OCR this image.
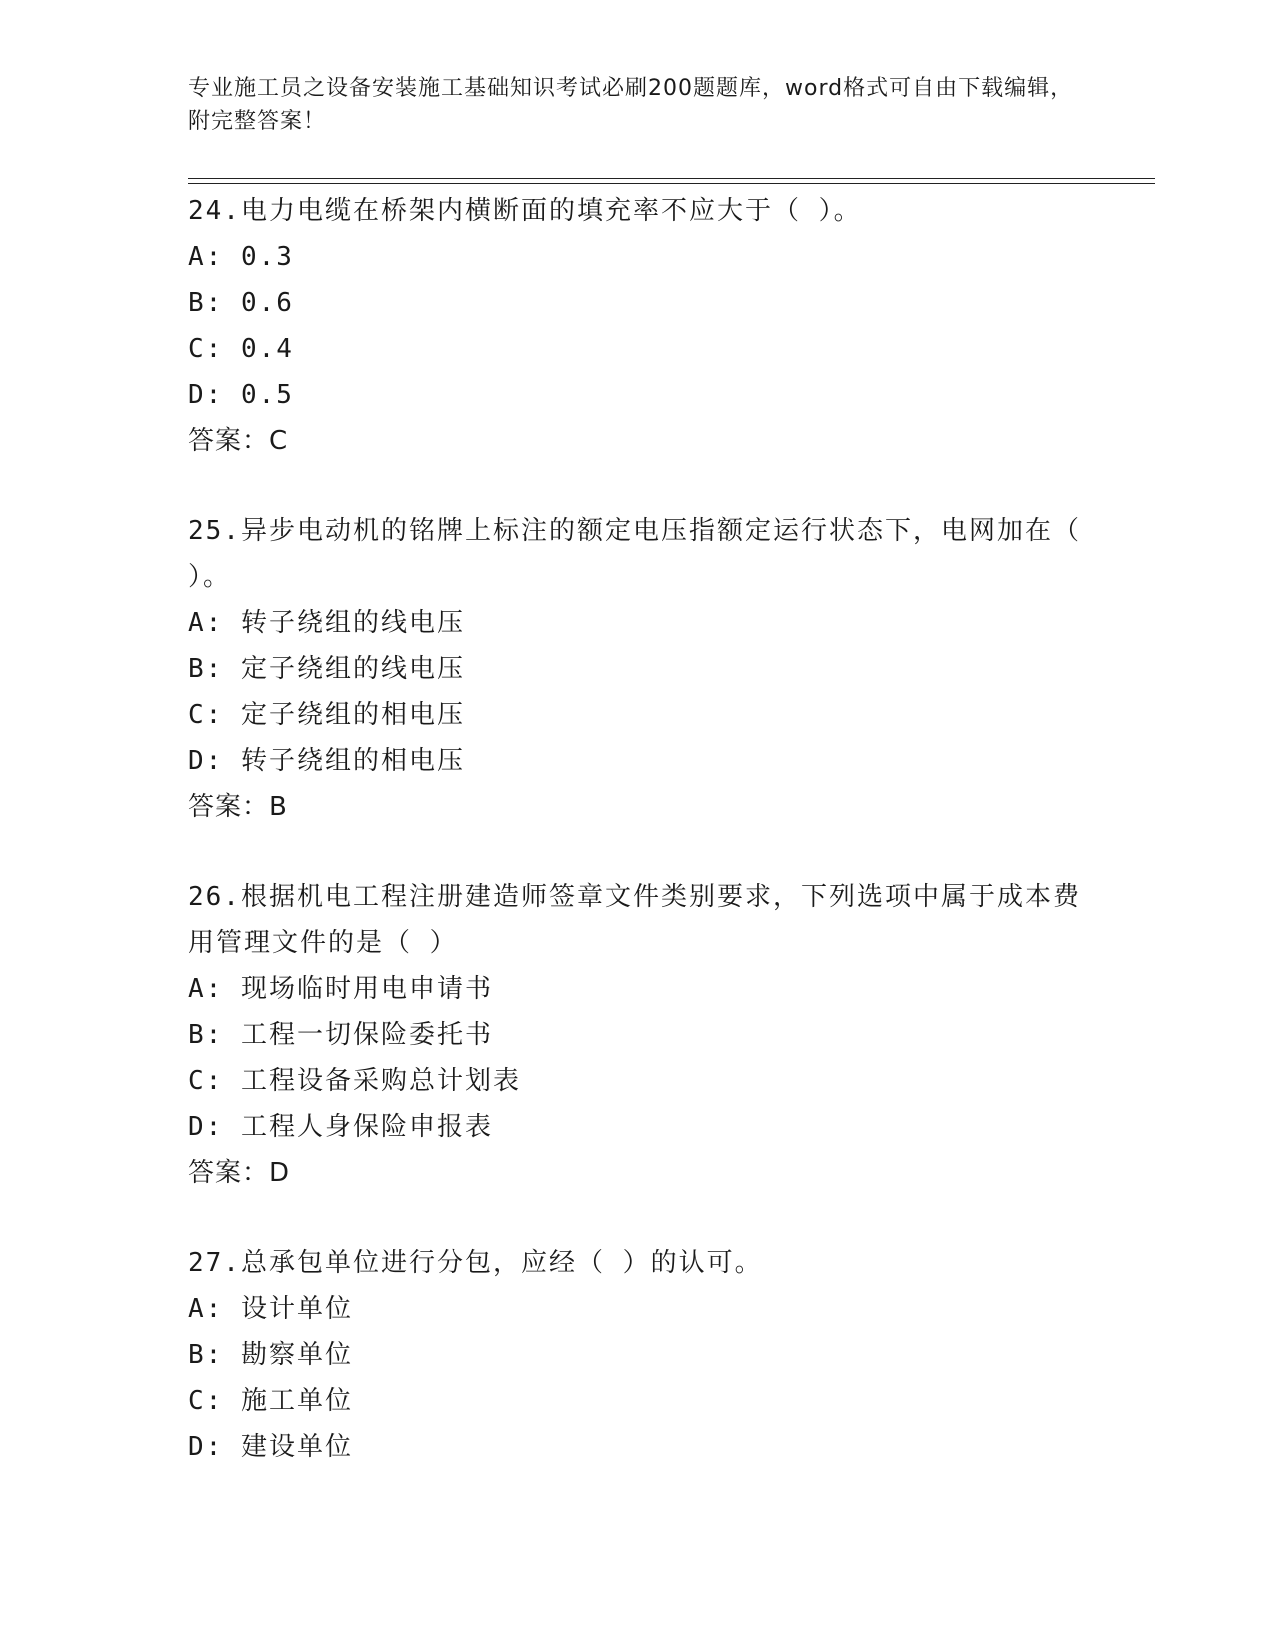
专业施工员之设备安装施工基础知识考试必刷200题题库，word格式可自由下载编辑，附完整答案！
24.电力电缆在桥架内横断面的填充率不应大于（ ）。
A: 0.3
B: 0.6
C: 0.4
D: 0.5
答案：C
25.异步电动机的铭牌上标注的额定电压指额定运行状态下，电网加在（ ）。
A: 转子绕组的线电压
B: 定子绕组的线电压
C: 定子绕组的相电压
D: 转子绕组的相电压
答案：B
26.根据机电工程注册建造师签章文件类别要求，下列选项中属于成本费用管理文件的是（ ）
A: 现场临时用电申请书
B: 工程一切保险委托书
C: 工程设备采购总计划表
D: 工程人身保险申报表
答案：D
27.总承包单位进行分包，应经（ ）的认可。
A: 设计单位
B: 勘察单位
C: 施工单位
D: 建设单位
